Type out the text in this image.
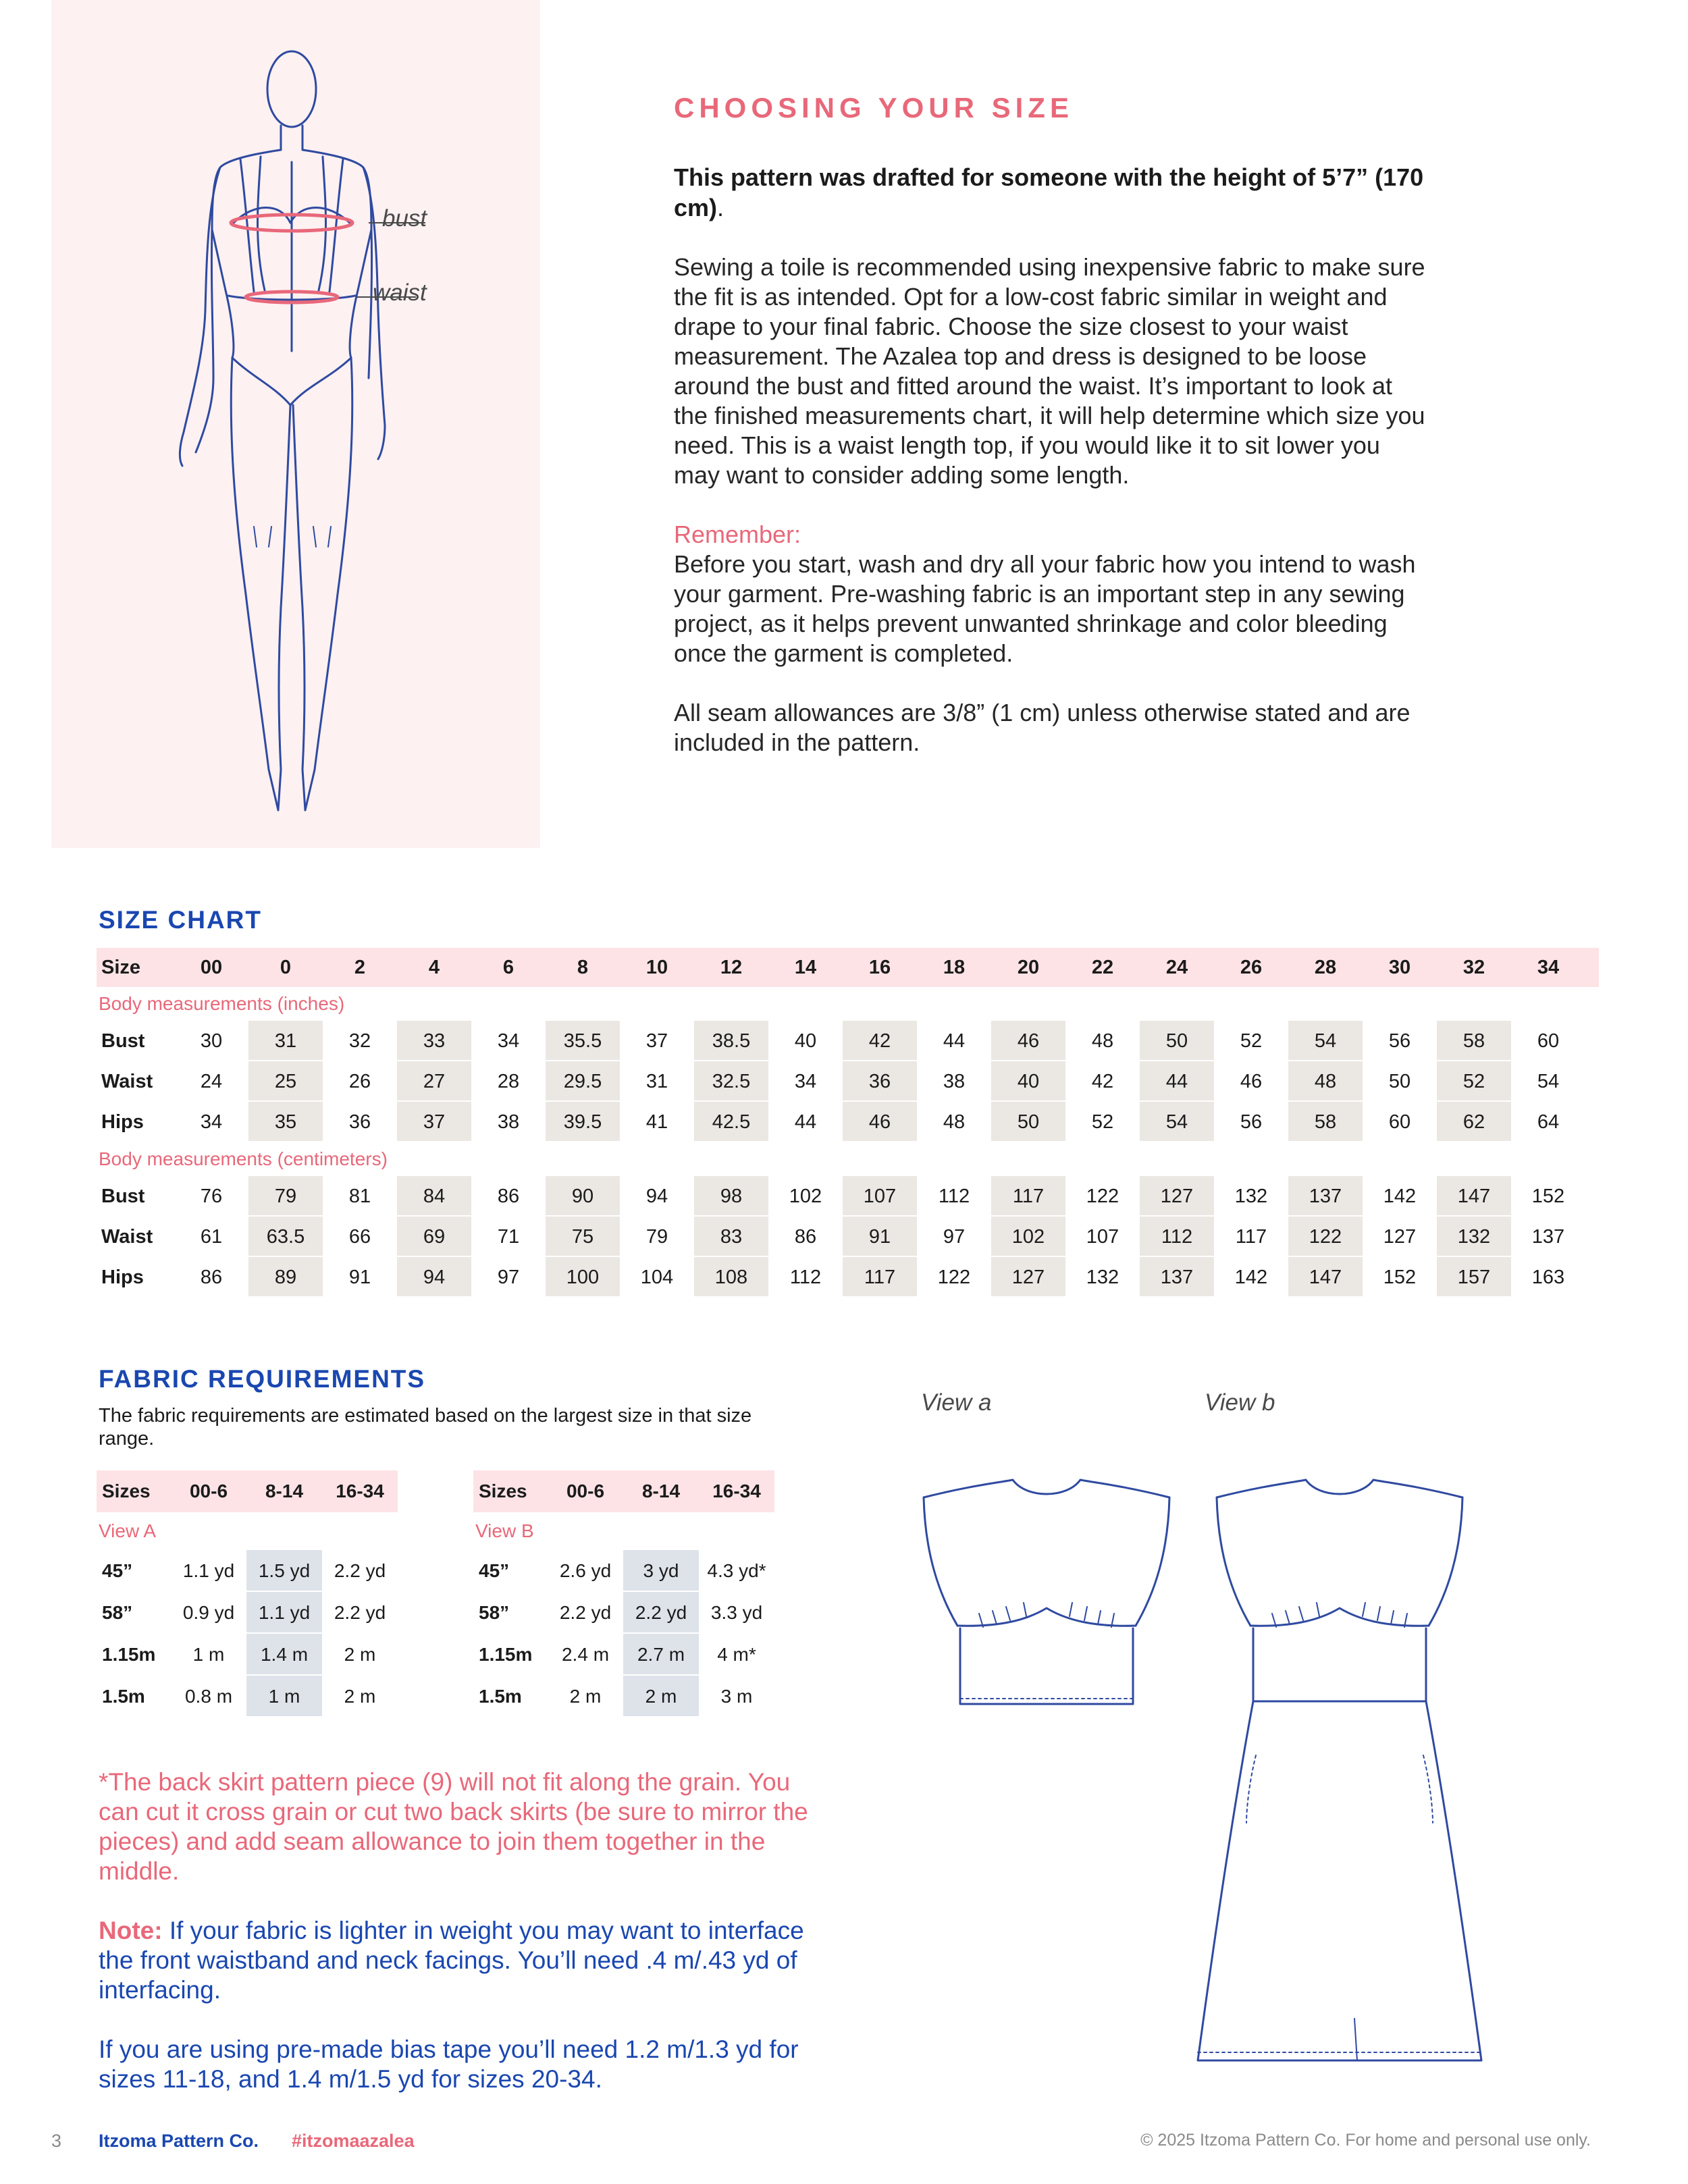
bust
waist
CHOOSING YOUR SIZE
This pattern was drafted for someone with the height of 5’7” (170 cm).
Sewing a toile is recommended using inexpensive fabric to make sure the fit is as intended. Opt for a low-cost fabric similar in weight and drape to your final fabric. Choose the size closest to your waist measurement. The Azalea top and dress is designed to be loose around the bust and fitted around the waist. It’s important to look at the finished measurements chart, it will help determine which size you need. This is a waist length top, if you would like it to sit lower you may want to consider adding some length.
Remember:
Before you start, wash and dry all your fabric how you intend to wash your garment. Pre-washing fabric is an important step in any sewing project, as it helps prevent unwanted shrinkage and color bleeding once the garment is completed.
All seam allowances are 3/8” (1 cm) unless otherwise stated and are included in the pattern.
SIZE CHART
Size	00	0	2	4	6	8	10	12	14	16	18	20	22	24	26	28	30	32	34
Body measurements (inches)
Bust	30	31	32	33	34	35.5	37	38.5	40	42	44	46	48	50	52	54	56	58	60
Waist	24	25	26	27	28	29.5	31	32.5	34	36	38	40	42	44	46	48	50	52	54
Hips	34	35	36	37	38	39.5	41	42.5	44	46	48	50	52	54	56	58	60	62	64
Body measurements (centimeters)
Bust	76	79	81	84	86	90	94	98	102	107	112	117	122	127	132	137	142	147	152
Waist	61	63.5	66	69	71	75	79	83	86	91	97	102	107	112	117	122	127	132	137
Hips	86	89	91	94	97	100	104	108	112	117	122	127	132	137	142	147	152	157	163
FABRIC REQUIREMENTS
The fabric requirements are estimated based on the largest size in that size range.
Sizes	00-6	8-14	16-34
View A
45”	1.1 yd	1.5 yd	2.2 yd
58”	0.9 yd	1.1 yd	2.2 yd
1.15m	1 m	1.4 m	2 m
1.5m	0.8 m	1 m	2 m
Sizes	00-6	8-14	16-34
View B
45”	2.6 yd	3 yd	4.3 yd*
58”	2.2 yd	2.2 yd	3.3 yd
1.15m	2.4 m	2.7 m	4 m*
1.5m	2 m	2 m	3 m
*The back skirt pattern piece (9) will not fit along the grain. You can cut it cross grain or cut two back skirts (be sure to mirror the pieces) and add seam allowance to join them together in the middle.
Note: If your fabric is lighter in weight you may want to interface the front waistband and neck facings. You’ll need .4 m/.43 yd of interfacing.
If you are using pre-made bias tape you’ll need 1.2 m/1.3 yd for sizes 11-18, and 1.4 m/1.5 yd for sizes 20-34.
View a	View b
3 Itzoma Pattern Co. #itzomaazalea	© 2025 Itzoma Pattern Co. For home and personal use only.
